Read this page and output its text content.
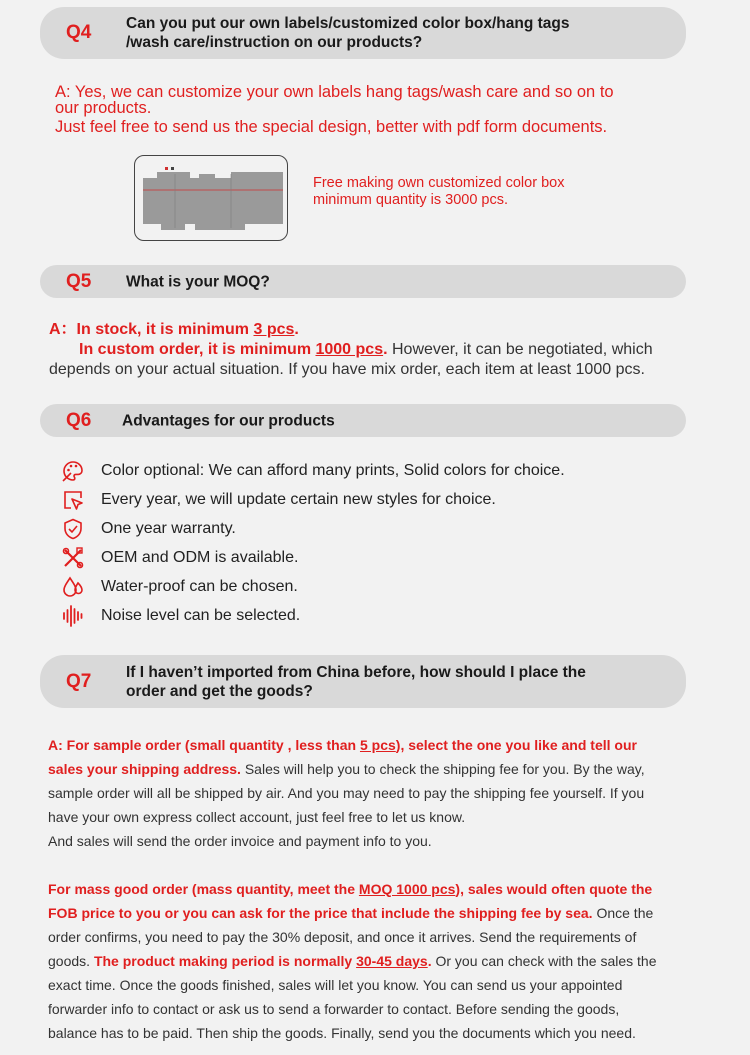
Q4 Can you put our own labels/customized color box/hang tags
/wash care/instruction on our products?
A: Yes, we can customize your own labels hang tags/wash care and so on to
our products.
Just feel free to send us the special design, better with pdf form documents.
Free making own customized color box
minimum quantity is 3000 pcs.
Q5 What is your MOQ?
A：In stock, it is minimum 3 pcs.
In custom order, it is minimum 1000 pcs. However, it can be negotiated, which
depends on your actual situation. If you have mix order, each item at least 1000 pcs.
Q6 Advantages for our products
Color optional: We can afford many prints, Solid colors for choice.
Every year, we will update certain new styles for choice.
One year warranty.
OEM and ODM is available.
Water-proof can be chosen.
Noise level can be selected.
Q7 If I haven’t imported from China before, how should I place the
order and get the goods?
A: For sample order (small quantity , less than 5 pcs), select the one you like and tell our
sales your shipping address. Sales will help you to check the shipping fee for you. By the way,
sample order will all be shipped by air. And you may need to pay the shipping fee yourself. If you
have your own express collect account, just feel free to let us know.
And sales will send the order invoice and payment info to you.
For mass good order (mass quantity, meet the MOQ 1000 pcs), sales would often quote the
FOB price to you or you can ask for the price that include the shipping fee by sea. Once the
order confirms, you need to pay the 30% deposit, and once it arrives. Send the requirements of
goods. The product making period is normally 30-45 days. Or you can check with the sales the
exact time. Once the goods finished, sales will let you know. You can send us your appointed
forwarder info to contact or ask us to send a forwarder to contact. Before sending the goods,
balance has to be paid. Then ship the goods. Finally, send you the documents which you need.
